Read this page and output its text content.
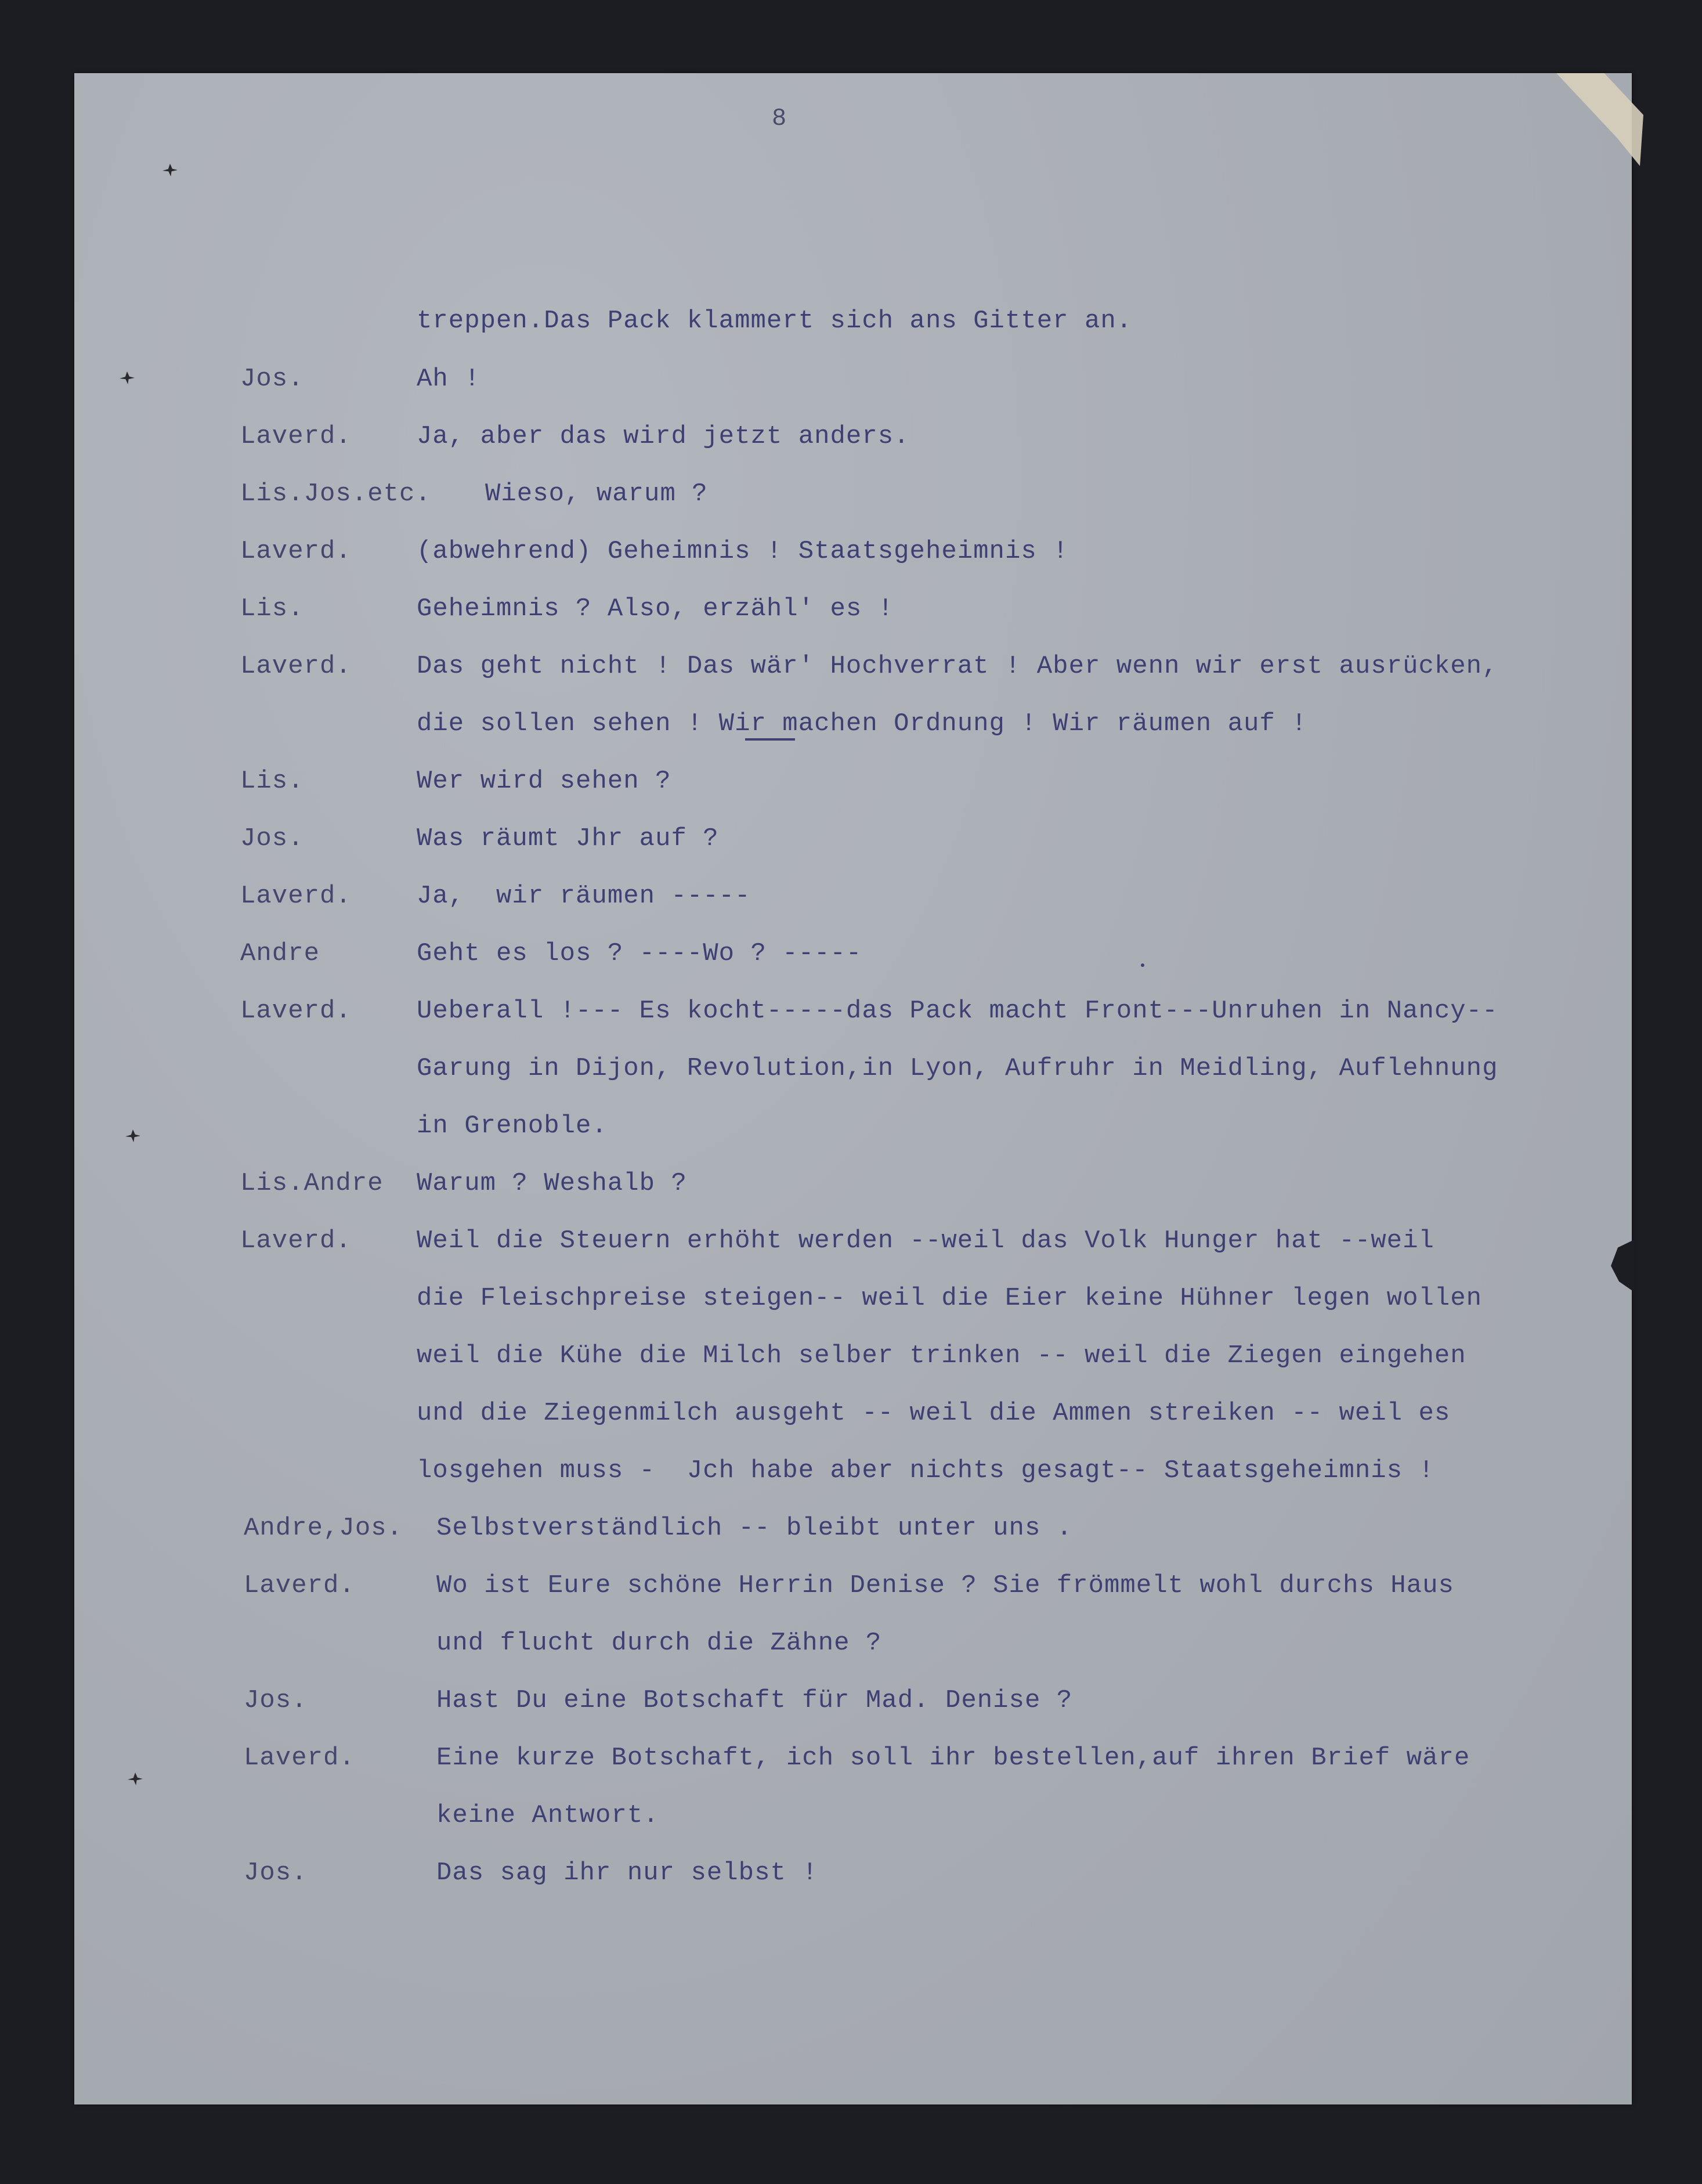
8
treppen.Das Pack klammert sich ans Gitter an.
Jos.	Ah !
Laverd.	Ja, aber das wird jetzt anders.
Lis.Jos.etc. Wieso, warum ?
Laverd.	(abwehrend) Geheimnis ! Staatsgeheimnis !
Lis.	Geheimnis ? Also, erzähl' es !
Laverd.	Das geht nicht ! Das wär' Hochverrat ! Aber wenn wir erst ausrücken,
die sollen sehen ! Wir machen Ordnung ! Wir räumen auf !
Lis.	Wer wird sehen ?
Jos.	Was räumt Jhr auf ?
Laverd.	Ja,  wir räumen -----
Andre	Geht es los ? ----Wo ? -----
Laverd.	Ueberall !--- Es kocht-----das Pack macht Front---Unruhen in Nancy--
Garung in Dijon, Revolution,in Lyon, Aufruhr in Meidling, Auflehnung
in Grenoble.
Lis.Andre Warum ? Weshalb ?
Laverd.	Weil die Steuern erhöht werden --weil das Volk Hunger hat --weil
die Fleischpreise steigen-- weil die Eier keine Hühner legen wollen
weil die Kühe die Milch selber trinken -- weil die Ziegen eingehen
und die Ziegenmilch ausgeht -- weil die Ammen streiken -- weil es
losgehen muss -  Jch habe aber nichts gesagt-- Staatsgeheimnis !
Andre,Jos. Selbstverständlich -- bleibt unter uns .
Laverd.	Wo ist Eure schöne Herrin Denise ? Sie frömmelt wohl durchs Haus
und flucht durch die Zähne ?
Jos.	Hast Du eine Botschaft für Mad. Denise ?
Laverd.	Eine kurze Botschaft, ich soll ihr bestellen,auf ihren Brief wäre
keine Antwort.
Jos.	Das sag ihr nur selbst !
